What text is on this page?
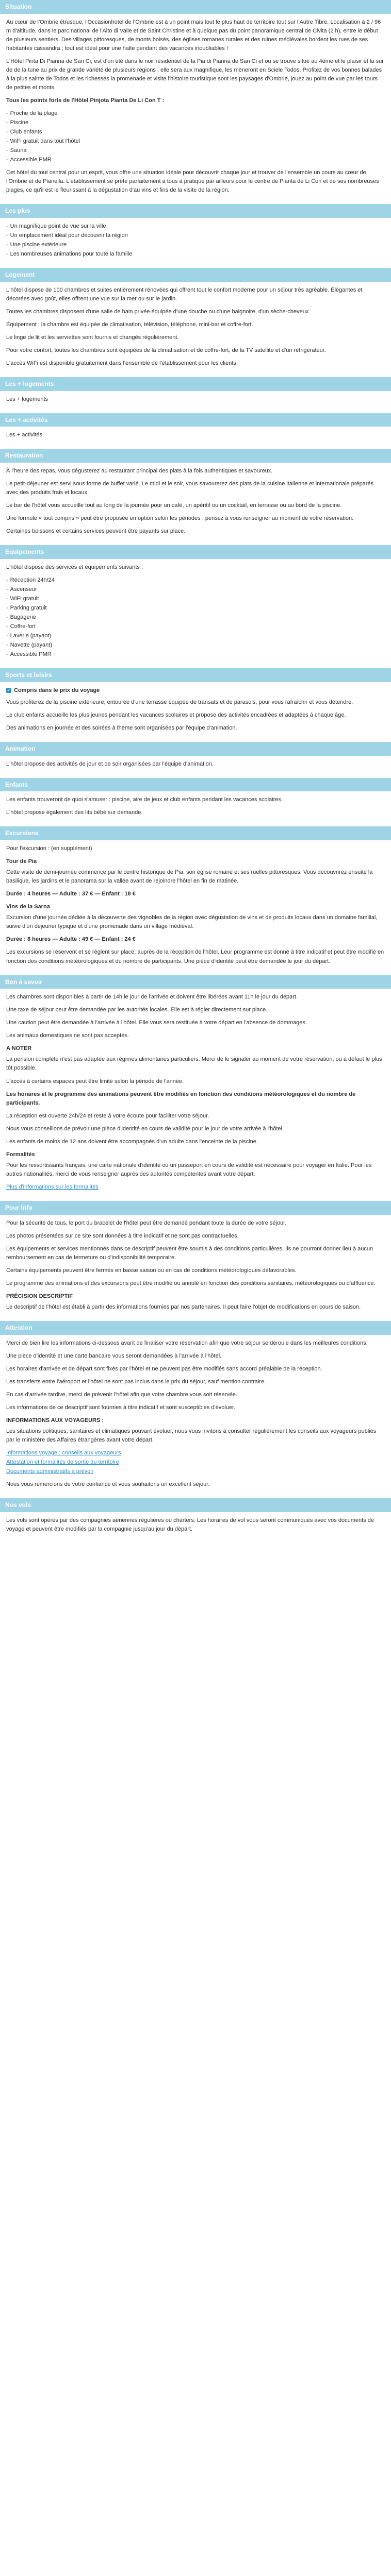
Situation

Au cœur de l'Ombrie étrusque, l'Occasionhotel de l'Ombrie est à un point mais tout le plus haut de territoire tout sur l'Autre Tibre. Localisation à 2 / 96 m d'altitude, dans le parc national de l'Alto di Valle et de Saint Christine et à quelque pas du point panoramique central de Civita (2 h), entre le début de plusieurs sentiers. Des villages pittoresques, de monts boisés, des églises romanes rurales et des ruines médiévales bordent les rues de ses habitantes cassandra ; tout est idéal pour une halte pendant des vacances inoubliables !

L'Hôtel Pinta Di Pianna de San Ci, est d'un été dans le noir résidentiel de la Pia di Pianna de San Ci et ou se trouve situé au 4ème et le plaisir et la sur de de la tune au prix de grande variété de plusieurs régions ; elle sera aux magnifique, les mèneront en Sciele Todos. Profitez de vos bonnes balades à la plus sainte de Todos et les richesses la promenade et visite l'histoire touristique sont les paysages d'Ombrie, jouez au point de vue par les tours de petites et monts.

Tous les points forts de l'Hôtel Pinjota Pianta De Li Con T :

- Proche de la plage
- Piscine
- Club enfants
- WiFi gratuit dans tout l'hôtel
- Sauna
- Accessible PMR

Cet hôtel du tout central pour un esprit, vous offre une situation idéale pour découvrir chaque jour et trouver de l'ensemble un cours au cœur de l'Ombrie et de Pianella. L'établissement se prête parfaitement à tous à pratique par ailleurs pour le centre de Pianta de Li Con et de ses nombreuses plages, ce qu'il est le fleurissant à la dégustation d'au vins et fins de la visite de la région.

Les plus
- Un magnifique point de vue sur la ville
- Un emplacement idéal pour découvrir la région
- Une piscine extérieure
- Les nombreuses animations pour toute la famille
Logement

L'hôtel dispose de 100 chambres et suites entièrement rénovées qui offrent tout le confort moderne pour un séjour très agréable. Élégantes et décorées avec goût, elles offrent une vue sur la mer ou sur le jardin.

Toutes les chambres disposent d'une salle de bain privée équipée d'une douche ou d'une baignoire, d'un sèche-cheveux.

Équipement : la chambre est équipée de climatisation, télévision, téléphone, mini-bar et coffre-fort.

Le linge de lit et les serviettes sont fournis et changés régulièrement.

Pour votre confort, toutes les chambres sont équipées de la climatisation et de coffre-fort, de la TV satellite et d'un réfrigérateur.

L'accès WiFi est disponible gratuitement dans l'ensemble de l'établissement pour les clients.

Les + logements

Les + logements

Les + activités

Les + activités

Restauration

À l'heure des repas, vous dégusterez au restaurant principal des plats à la fois authentiques et savoureux.

Le petit-déjeuner est servi sous forme de buffet varié. Le midi et le soir, vous savourerez des plats de la cuisine italienne et internationale préparés avec des produits frais et locaux.

Le bar de l'hôtel vous accueille tout au long de la journée pour un café, un apéritif ou un cocktail, en terrasse ou au bord de la piscine.

Une formule « tout compris » peut être proposée en option selon les périodes : pensez à vous renseigner au moment de votre réservation.

Certaines boissons et certains services peuvent être payants sur place.

Equipements

L'hôtel dispose des services et équipements suivants :

- Réception 24h/24
- Ascenseur
- WiFi gratuit
- Parking gratuit
- Bagagerie
- Coffre-fort
- Laverie (payant)
- Navette (payant)
- Accessible PMR
Sports et loisirs
✓ Compris dans le prix du voyage

Vous profiterez de la piscine extérieure, entourée d'une terrasse équipée de transats et de parasols, pour vous rafraîchir et vous détendre.

Le club enfants accueille les plus jeunes pendant les vacances scolaires et propose des activités encadrées et adaptées à chaque âge.

Des animations en journée et des soirées à thème sont organisées par l'équipe d'animation.

Animation

L'hôtel propose des activités de jour et de soir organisées par l'équipe d'animation.

Enfants

Les enfants trouveront de quoi s'amuser : piscine, aire de jeux et club enfants pendant les vacances scolaires.

L'hôtel propose également des lits bébé sur demande.

Excursions

Pour l'excursion : (en supplément)

Tour de Pia

Cette visite de demi-journée commence par le centre historique de Pia, son église romane et ses ruelles pittoresques. Vous découvrirez ensuite la basilique, les jardins et le panorama sur la vallée avant de rejoindre l'hôtel en fin de matinée.

Durée : 4 heures — Adulte : 37 € — Enfant : 18 €

Vins de la Sarna

Excursion d'une journée dédiée à la découverte des vignobles de la région avec dégustation de vins et de produits locaux dans un domaine familial, suivie d'un déjeuner typique et d'une promenade dans un village médiéval.

Durée : 8 heures — Adulte : 49 € — Enfant : 24 €

Les excursions se réservent et se règlent sur place, auprès de la réception de l'hôtel. Leur programme est donné à titre indicatif et peut être modifié en fonction des conditions météorologiques et du nombre de participants. Une pièce d'identité peut être demandée le jour du départ.

Bon à savoir

Les chambres sont disponibles à partir de 14h le jour de l'arrivée et doivent être libérées avant 11h le jour du départ.

Une taxe de séjour peut être demandée par les autorités locales. Elle est à régler directement sur place.

Une caution peut être demandée à l'arrivée à l'hôtel. Elle vous sera restituée à votre départ en l'absence de dommages.

Les animaux domestiques ne sont pas acceptés.

A NOTER

La pension complète n'est pas adaptée aux régimes alimentaires particuliers. Merci de le signaler au moment de votre réservation, ou à défaut le plus tôt possible.

L'accès à certains espaces peut être limité selon la période de l'année.

Les horaires et le programme des animations peuvent être modifiés en fonction des conditions météorologiques et du nombre de participants.

La réception est ouverte 24h/24 et reste à votre écoute pour faciliter votre séjour.

Nous vous conseillons de prévoir une pièce d'identité en cours de validité pour le jour de votre arrivée à l'hôtel.

Les enfants de moins de 12 ans doivent être accompagnés d'un adulte dans l'enceinte de la piscine.

Formalités

Pour les ressortissants français, une carte nationale d'identité ou un passeport en cours de validité est nécessaire pour voyager en Italie. Pour les autres nationalités, merci de vous renseigner auprès des autorités compétentes avant votre départ.

Plus d'informations sur les formalités

Pour Info

Pour la sécurité de tous, le port du bracelet de l'hôtel peut être demandé pendant toute la durée de votre séjour.

Les photos présentées sur ce site sont données à titre indicatif et ne sont pas contractuelles.

Les équipements et services mentionnés dans ce descriptif peuvent être soumis à des conditions particulières. Ils ne pourront donner lieu à aucun remboursement en cas de fermeture ou d'indisponibilité temporaire.

Certains équipements peuvent être fermés en basse saison ou en cas de conditions météorologiques défavorables.

Le programme des animations et des excursions peut être modifié ou annulé en fonction des conditions sanitaires, météorologiques ou d'affluence.

PRÉCISION DESCRIPTIF

Le descriptif de l'hôtel est établi à partir des informations fournies par nos partenaires. Il peut faire l'objet de modifications en cours de saison.

Attention

Merci de bien lire les informations ci-dessous avant de finaliser votre réservation afin que votre séjour se déroule dans les meilleures conditions.

Une pièce d'identité et une carte bancaire vous seront demandées à l'arrivée à l'hôtel.

Les horaires d'arrivée et de départ sont fixés par l'hôtel et ne peuvent pas être modifiés sans accord préalable de la réception.

Les transferts entre l'aéroport et l'hôtel ne sont pas inclus dans le prix du séjour, sauf mention contraire.

En cas d'arrivée tardive, merci de prévenir l'hôtel afin que votre chambre vous soit réservée.

Les informations de ce descriptif sont fournies à titre indicatif et sont susceptibles d'évoluer.

INFORMATIONS AUX VOYAGEURS :

Les situations politiques, sanitaires et climatiques pouvant évoluer, nous vous invitons à consulter régulièrement les conseils aux voyageurs publiés par le ministère des Affaires étrangères avant votre départ.

Informations voyage : conseils aux voyageurs
Attestation et formalités de sortie du territoire
Documents administratifs à prévoir

Nous vous remercions de votre confiance et vous souhaitons un excellent séjour.

Nos vols

Les vols sont opérés par des compagnies aériennes régulières ou charters. Les horaires de vol vous seront communiqués avec vos documents de voyage et peuvent être modifiés par la compagnie jusqu'au jour du départ.
